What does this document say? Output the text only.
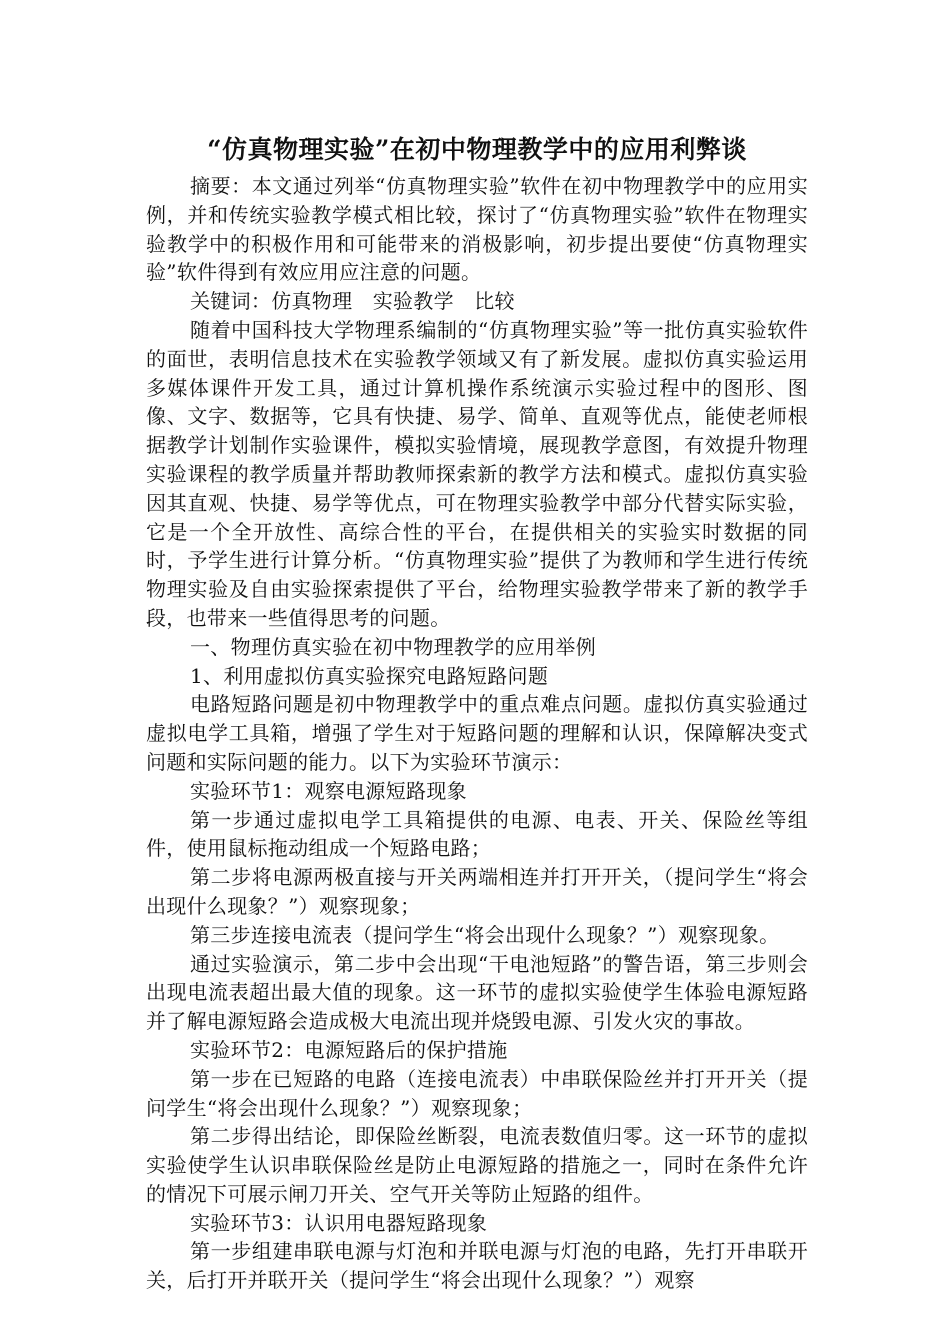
“仿真物理实验”在初中物理教学中的应用利弊谈

摘要：本文通过列举“仿真物理实验”软件在初中物理教学中的应用实例，并和传统实验教学模式相比较，探讨了“仿真物理实验”软件在物理实验教学中的积极作用和可能带来的消极影响，初步提出要使“仿真物理实验”软件得到有效应用应注意的问题。

关键词：仿真物理　实验教学　比较

随着中国科技大学物理系编制的“仿真物理实验”等一批仿真实验软件的面世，表明信息技术在实验教学领域又有了新发展。虚拟仿真实验运用多媒体课件开发工具，通过计算机操作系统演示实验过程中的图形、图像、文字、数据等，它具有快捷、易学、简单、直观等优点，能使老师根据教学计划制作实验课件，模拟实验情境，展现教学意图，有效提升物理实验课程的教学质量并帮助教师探索新的教学方法和模式。虚拟仿真实验因其直观、快捷、易学等优点，可在物理实验教学中部分代替实际实验，它是一个全开放性、高综合性的平台，在提供相关的实验实时数据的同时，予学生进行计算分析。“仿真物理实验”提供了为教师和学生进行传统物理实验及自由实验探索提供了平台，给物理实验教学带来了新的教学手段，也带来一些值得思考的问题。

一、物理仿真实验在初中物理教学的应用举例

1、利用虚拟仿真实验探究电路短路问题

电路短路问题是初中物理教学中的重点难点问题。虚拟仿真实验通过虚拟电学工具箱，增强了学生对于短路问题的理解和认识，保障解决变式问题和实际问题的能力。以下为实验环节演示：

实验环节1：观察电源短路现象

第一步通过虚拟电学工具箱提供的电源、电表、开关、保险丝等组件，使用鼠标拖动组成一个短路电路；

第二步将电源两极直接与开关两端相连并打开开关，（提问学生“将会出现什么现象？”）观察现象；

第三步连接电流表（提问学生“将会出现什么现象？”）观察现象。

通过实验演示，第二步中会出现“干电池短路”的警告语，第三步则会出现电流表超出最大值的现象。这一环节的虚拟实验使学生体验电源短路并了解电源短路会造成极大电流出现并烧毁电源、引发火灾的事故。

实验环节2：电源短路后的保护措施

第一步在已短路的电路（连接电流表）中串联保险丝并打开开关（提问学生“将会出现什么现象？”）观察现象；

第二步得出结论，即保险丝断裂，电流表数值归零。这一环节的虚拟实验使学生认识串联保险丝是防止电源短路的措施之一，同时在条件允许的情况下可展示闸刀开关、空气开关等防止短路的组件。

实验环节3：认识用电器短路现象

第一步组建串联电源与灯泡和并联电源与灯泡的电路，先打开串联开关，后打开并联开关（提问学生“将会出现什么现象？”）观察
